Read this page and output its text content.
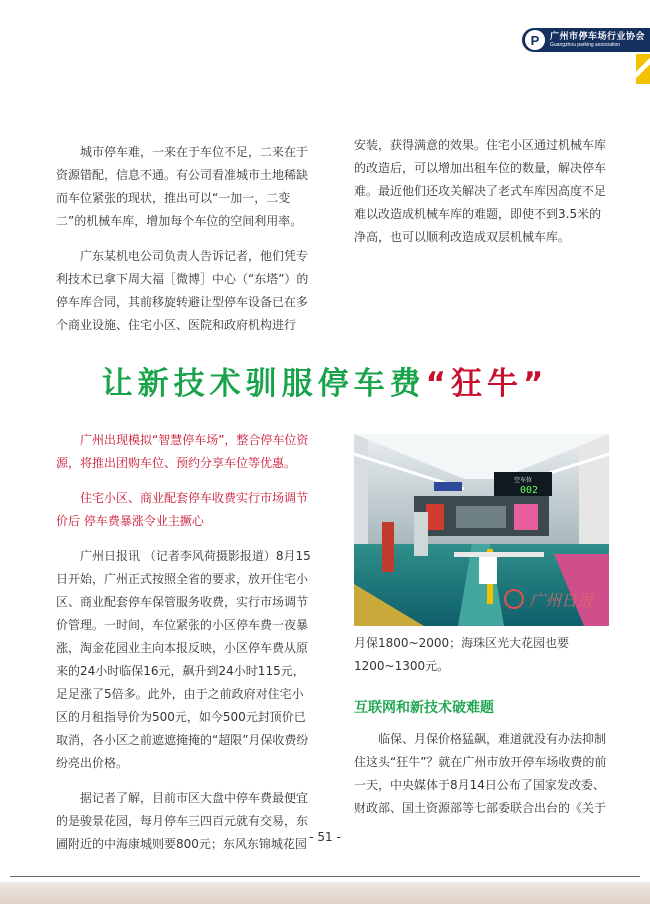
P	广州市停车场行业协会
Guangzhou parking association

城市停车难，一来在于车位不足，二来在于资源错配，信息不通。有公司看准城市土地稀缺而车位紧张的现状，推出可以“一加一，二变二”的机械车库，增加每个车位的空间利用率。

广东某机电公司负责人告诉记者，他们凭专利技术已拿下周大福［微博］中心（“东塔”）的停车库合同，其前移旋转避让型停车设备已在多个商业设施、住宅小区、医院和政府机构进行

安装，获得满意的效果。住宅小区通过机械车库的改造后，可以增加出租车位的数量，解决停车难。最近他们还攻关解决了老式车库因高度不足难以改造成机械车库的难题，即使不到3.5米的净高，也可以顺利改造成双层机械车库。

让新技术驯服停车费“狂牛”

广州出现模拟“智慧停车场”，整合停车位资源，将推出团购车位、预约分享车位等优惠。

住宅小区、商业配套停车收费实行市场调节价后 停车费暴涨令业主撅心

广州日报讯 （记者李风荷摄影报道）8月15日开始，广州正式按照全省的要求，放开住宅小区、商业配套停车保管服务收费，实行市场调节价管理。一时间，车位紧张的小区停车费一夜暴涨，淘金花园业主向本报反映，小区停车费从原来的24小时临保16元，飙升到24小时115元，足足涨了5倍多。此外，由于之前政府对住宅小区的月租指导价为500元，如今500元封顶价已取消，各小区之前遮遮掩掩的“超限”月保收费纷纷亮出价格。

据记者了解，目前市区大盘中停车费最便宜的是骏景花园，每月停车三四百元就有交易，东圃附近的中海康城则要800元；东风东锦城花园

空车位
002
广州日报

月保1800~2000；海珠区光大花园也要1200~1300元。

互联网和新技术破难题

临保、月保价格猛飙，难道就没有办法抑制住这头“狂牛”？就在广州市放开停车场收费的前一天，中央媒体于8月14日公布了国家发改委、财政部、国土资源部等七部委联合出台的《关于

- 51 -
